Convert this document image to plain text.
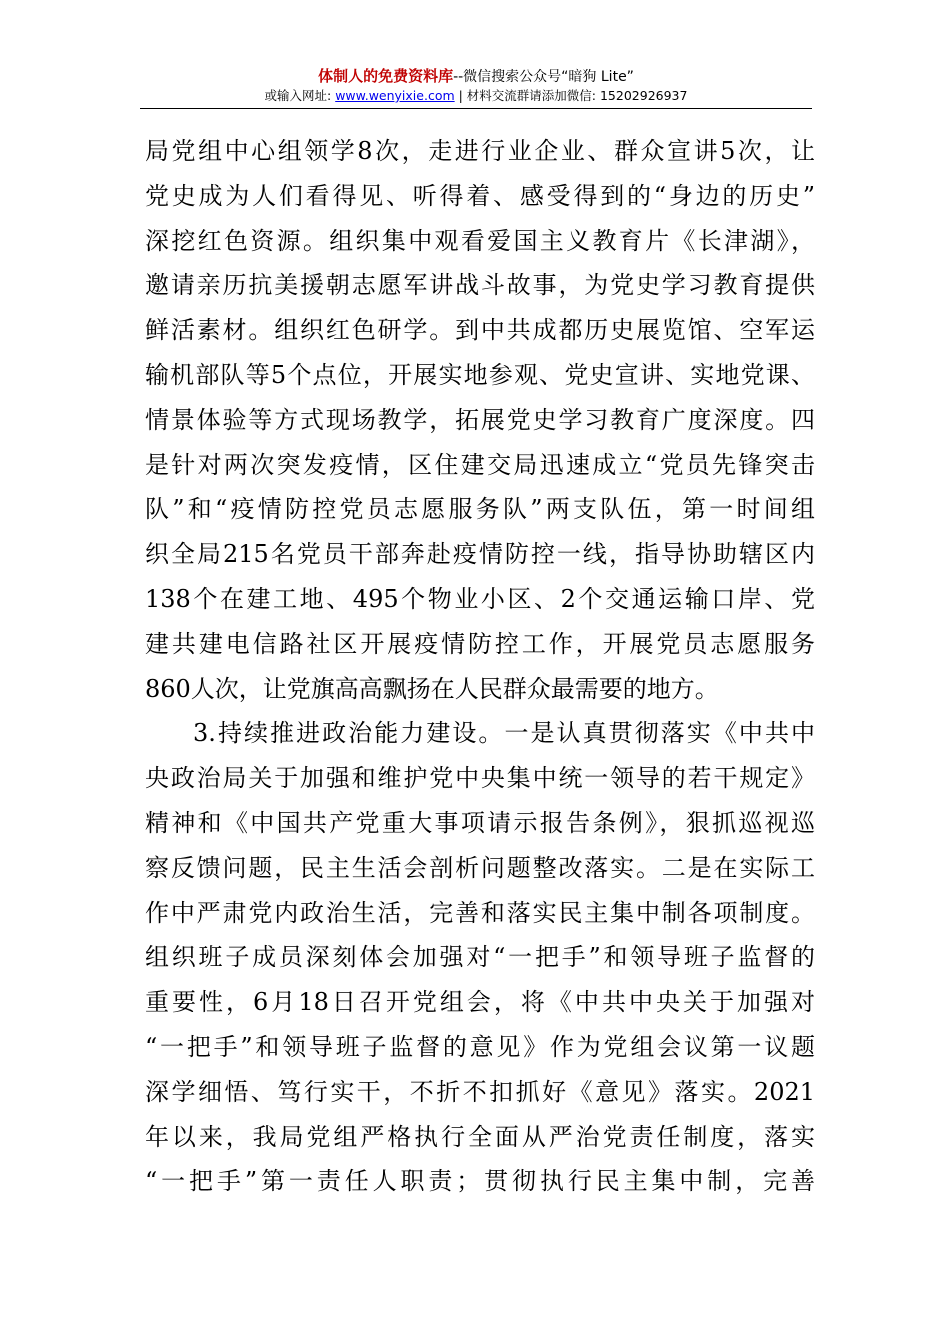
体制人的免费资料库--微信搜索公众号“暗狗 Lite”
或输入网址: www.wenyixie.com | 材料交流群请添加微信: 15202926937
局党组中心组领学8次，走进行业企业、群众宣讲5次，让
党史成为人们看得见、听得着、感受得到的“身边的历史”
深挖红色资源。组织集中观看爱国主义教育片《长津湖》，
邀请亲历抗美援朝志愿军讲战斗故事，为党史学习教育提供
鲜活素材。组织红色研学。到中共成都历史展览馆、空军运
输机部队等5个点位，开展实地参观、党史宣讲、实地党课、
情景体验等方式现场教学，拓展党史学习教育广度深度。四
是针对两次突发疫情，区住建交局迅速成立“党员先锋突击
队”和“疫情防控党员志愿服务队”两支队伍，第一时间组
织全局215名党员干部奔赴疫情防控一线，指导协助辖区内
138个在建工地、495个物业小区、2个交通运输口岸、党
建共建电信路社区开展疫情防控工作，开展党员志愿服务
860人次，让党旗高高飘扬在人民群众最需要的地方。
3.持续推进政治能力建设。一是认真贯彻落实《中共中
央政治局关于加强和维护党中央集中统一领导的若干规定》
精神和《中国共产党重大事项请示报告条例》，狠抓巡视巡
察反馈问题，民主生活会剖析问题整改落实。二是在实际工
作中严肃党内政治生活，完善和落实民主集中制各项制度。
组织班子成员深刻体会加强对“一把手”和领导班子监督的
重要性，6月18日召开党组会，将《中共中央关于加强对
“一把手”和领导班子监督的意见》作为党组会议第一议题
深学细悟、笃行实干，不折不扣抓好《意见》落实。2021
年以来，我局党组严格执行全面从严治党责任制度，落实
“一把手”第一责任人职责；贯彻执行民主集中制，完善
